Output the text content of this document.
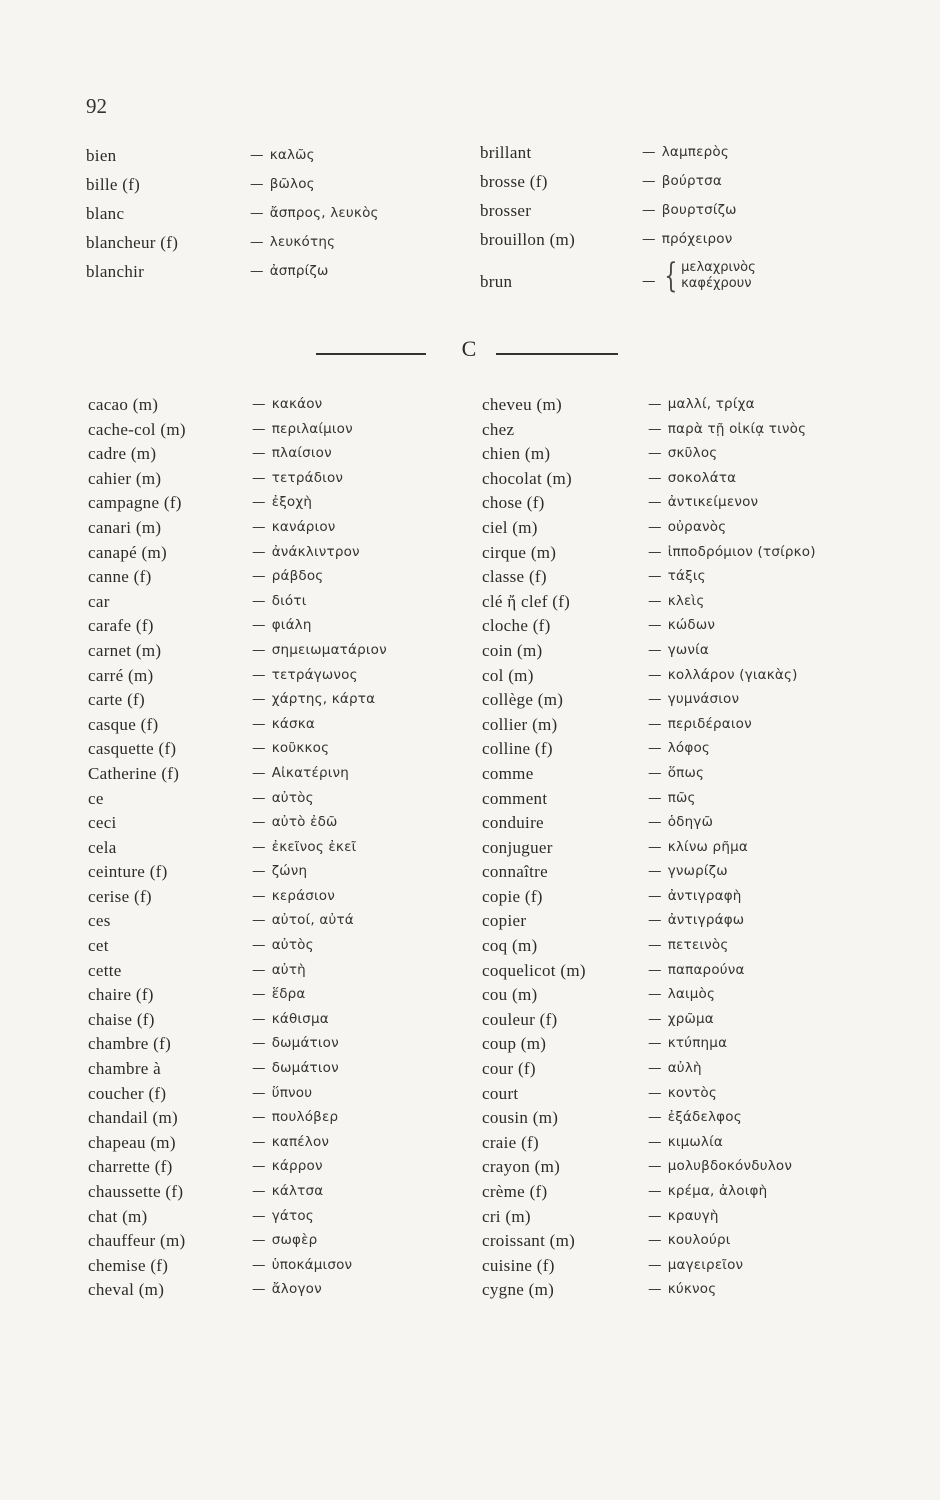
92
bien	— καλῶς
bille (f)	— βῶλος
blanc	— ἄσπρος, λευκὸς
blancheur (f)	— λευκότης
blanchir	— ἀσπρίζω
brillant	— λαμπερὸς
brosse (f)	— βούρτσα
brosser	— βουρτσίζω
brouillon (m)	— πρόχειρον
brun	— { μελαχρινὸς
καφέχρουν
C
cacao (m)	— κακάον
cache-col (m)	— περιλαίμιον
cadre (m)	— πλαίσιον
cahier (m)	— τετράδιον
campagne (f)	— ἐξοχὴ
canari (m)	— κανάριον
canapé (m)	— ἀνάκλιντρον
canne (f)	— ράβδος
car	— διότι
carafe (f)	— φιάλη
carnet (m)	— σημειωματάριον
carré (m)	— τετράγωνος
carte (f)	— χάρτης, κάρτα
casque (f)	— κάσκα
casquette (f)	— κοῦκκος
Catherine (f)	— Αἰκατέρινη
ce	— αὐτὸς
ceci	— αὐτὸ ἐδῶ
cela	— ἐκεῖνος ἐκεῖ
ceinture (f)	— ζώνη
cerise (f)	— κεράσιον
ces	— αὐτοί, αὐτά
cet	— αὐτὸς
cette	— αὐτὴ
chaire (f)	— ἕδρα
chaise (f)	— κάθισμα
chambre (f)	— δωμάτιον
chambre à	— δωμάτιον
coucher (f)	— ὕπνου
chandail (m)	— πουλόβερ
chapeau (m)	— καπέλον
charrette (f)	— κάρρον
chaussette (f)	— κάλτσα
chat (m)	— γάτος
chauffeur (m)	— σωφὲρ
chemise (f)	— ὑποκάμισον
cheval (m)	— ἄλογον
cheveu (m)	— μαλλί, τρίχα
chez	— παρὰ τῇ οἰκίᾳ τινὸς
chien (m)	— σκῦλος
chocolat (m)	— σοκολάτα
chose (f)	— ἀντικείμενον
ciel (m)	— οὐρανὸς
cirque (m)	— ἱπποδρόμιον (τσίρκο)
classe (f)	— τάξις
clé ἤ clef (f)	— κλεὶς
cloche (f)	— κώδων
coin (m)	— γωνία
col (m)	— κολλάρον (γιακὰς)
collège (m)	— γυμνάσιον
collier (m)	— περιδέραιον
colline (f)	— λόφος
comme	— ὅπως
comment	— πῶς
conduire	— ὁδηγῶ
conjuguer	— κλίνω ρῆμα
connaître	— γνωρίζω
copie (f)	— ἀντιγραφὴ
copier	— ἀντιγράφω
coq (m)	— πετεινὸς
coquelicot (m)	— παπαρούνα
cou (m)	— λαιμὸς
couleur (f)	— χρῶμα
coup (m)	— κτύπημα
cour (f)	— αὐλὴ
court	— κοντὸς
cousin (m)	— ἐξάδελφος
craie (f)	— κιμωλία
crayon (m)	— μολυβδοκόνδυλον
crème (f)	— κρέμα, ἀλοιφὴ
cri (m)	— κραυγὴ
croissant (m)	— κουλούρι
cuisine (f)	— μαγειρεῖον
cygne (m)	— κύκνος
